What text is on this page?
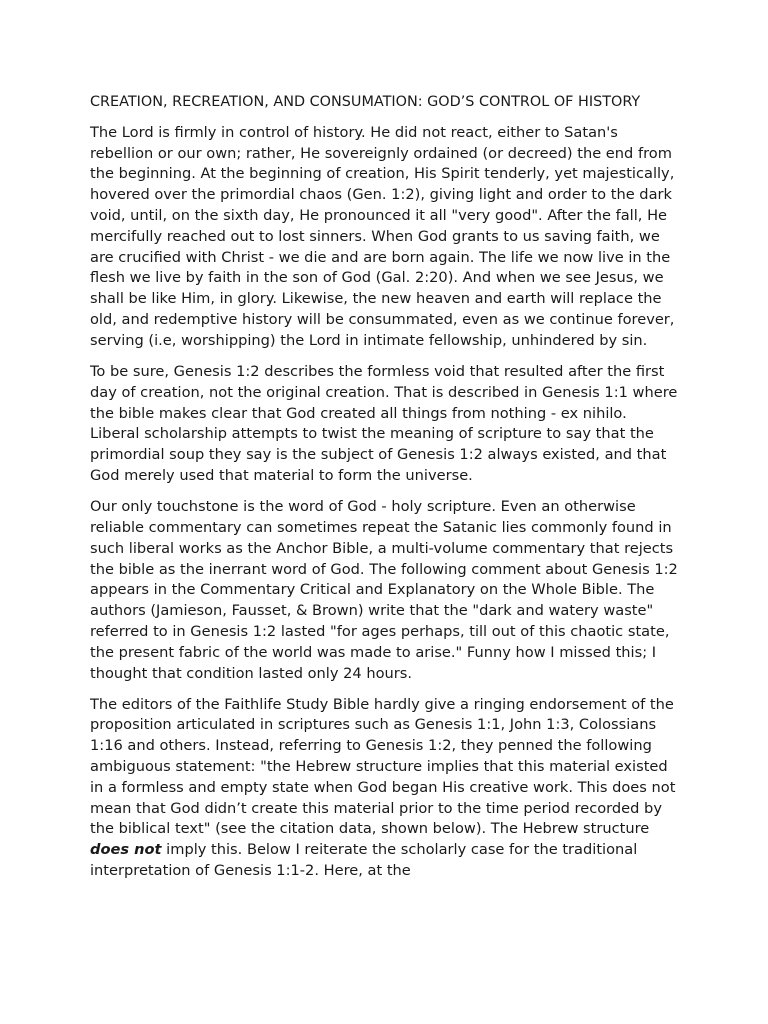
CREATION, RECREATION, AND CONSUMATION: GOD’S CONTROL OF HISTORY

The Lord is firmly in control of history. He did not react, either to Satan's rebellion or our own; rather, He sovereignly ordained (or decreed) the end from the beginning. At the beginning of creation, His Spirit tenderly, yet majestically, hovered over the primordial chaos (Gen. 1:2), giving light and order to the dark void, until, on the sixth day, He pronounced it all "very good". After the fall, He mercifully reached out to lost sinners. When God grants to us saving faith, we are crucified with Christ - we die and are born again. The life we now live in the flesh we live by faith in the son of God (Gal. 2:20). And when we see Jesus, we shall be like Him, in glory. Likewise, the new heaven and earth will replace the old, and redemptive history will be consummated, even as we continue forever, serving (i.e, worshipping) the Lord in intimate fellowship, unhindered by sin.

To be sure, Genesis 1:2 describes the formless void that resulted after the first day of creation, not the original creation. That is described in Genesis 1:1 where the bible makes clear that God created all things from nothing - ex nihilo. Liberal scholarship attempts to twist the meaning of scripture to say that the primordial soup they say is the subject of Genesis 1:2 always existed, and that God merely used that material to form the universe.

Our only touchstone is the word of God - holy scripture. Even an otherwise reliable commentary can sometimes repeat the Satanic lies commonly found in such liberal works as the Anchor Bible, a multi-volume commentary that rejects the bible as the inerrant word of God. The following comment about Genesis 1:2 appears in the Commentary Critical and Explanatory on the Whole Bible. The authors (Jamieson, Fausset, & Brown) write that the "dark and watery waste" referred to in Genesis 1:2 lasted "for ages perhaps, till out of this chaotic state, the present fabric of the world was made to arise." Funny how I missed this; I thought that condition lasted only 24 hours.

The editors of the Faithlife Study Bible hardly give a ringing endorsement of the proposition articulated in scriptures such as Genesis 1:1, John 1:3, Colossians 1:16 and others. Instead, referring to Genesis 1:2, they penned the following ambiguous statement: "the Hebrew structure implies that this material existed in a formless and empty state when God began His creative work. This does not mean that God didn’t create this material prior to the time period recorded by the biblical text" (see the citation data, shown below). The Hebrew structure does not imply this. Below I reiterate the scholarly case for the traditional interpretation of Genesis 1:1-2. Here, at the
